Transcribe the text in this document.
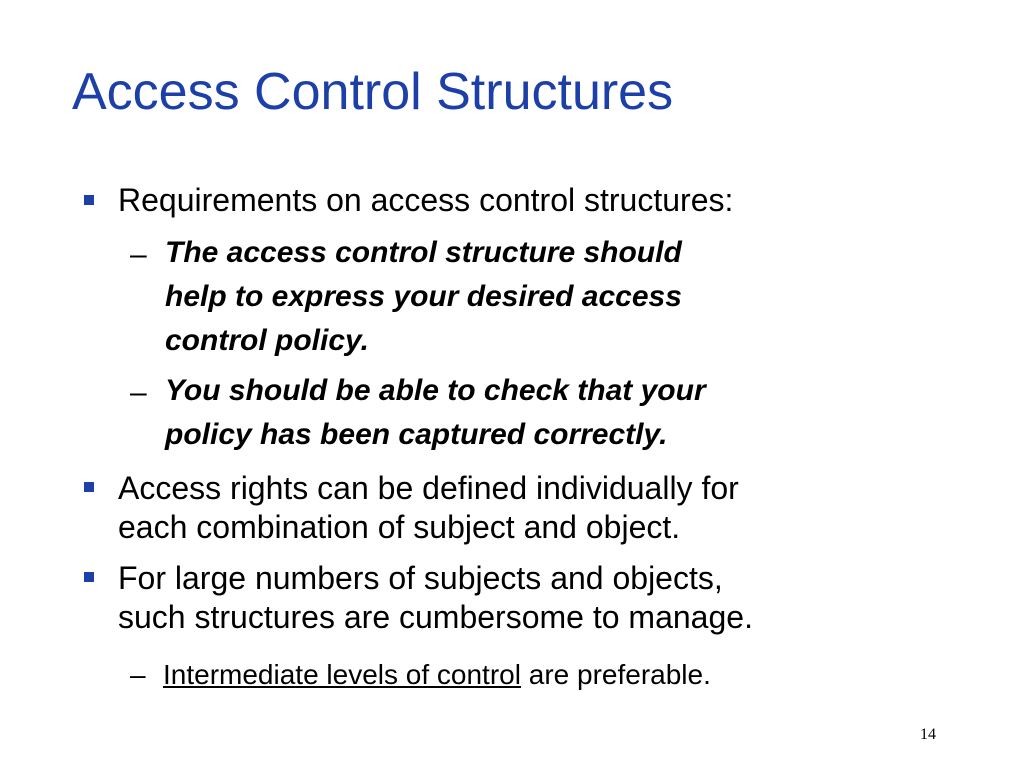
Access Control Structures

Requirements on access control structures:

– The access control structure should

help to express your desired access

control policy.

– You should be able to check that your

policy has been captured correctly.

Access rights can be defined individually for

each combination of subject and object.

For large numbers of subjects and objects,

such structures are cumbersome to manage.

– Intermediate levels of control are preferable.

14
